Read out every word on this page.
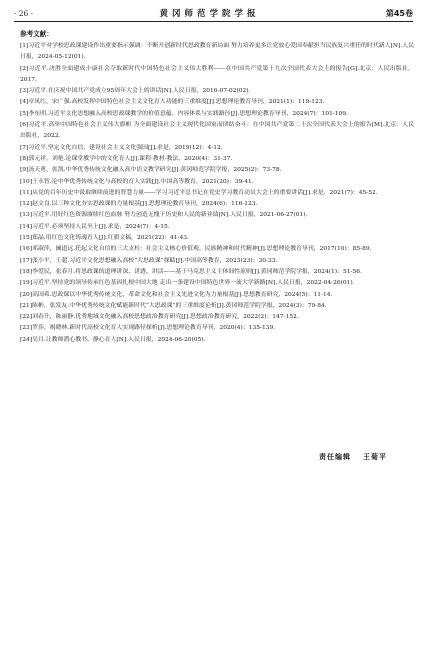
· 26 ·	黄冈师范学院学报	第45卷
参考文献：
[1]习近平对学校思政课建设作出重要指示强调：不断开创新时代思政教育新局面 努力培养更多让党放心爱国奉献担当民族复兴重任的时代新人[N].人民日报，2024-05-12(01).
[2]习近平.决胜全面建成小康社会夺取新时代中国特色社会主义伟大胜利——在中国共产党第十九次全国代表大会上的报告[G].北京：人民出版社，2017.
[3]习近平.在庆祝中国共产党成立95周年大会上的讲话[N].人民日报，2016-07-02(02).
[4]章凤红，宋广强.高校发挥中国特色社会主义文化育人功能的三重维度[J].思想理论教育导刊，2021(1)：119-123.
[5]李东明.习近平文化思想融入高校思政课教学的价值意蕴、内容体系与实践路径[J].思想理论教育导刊，2024(7)：101-109.
[6]习近平.高举中国特色社会主义伟大旗帜 为全面建设社会主义现代化国家而团结奋斗：在中国共产党第二十次全国代表大会上的报告[M].北京：人民出版社，2022.
[7]习近平.坚定文化自信，建设社会主义文化强国[J].求是，2019(12)：4-12.
[8]郭元祥，刘艳.论课堂教学中的文化育人[J].课程·教材·教法，2020(4)：31-37.
[9]汤天勇，张凯.中华优秀传统文化融入高中语文教学研究[J].黄冈师范学院学报，2025(2)：73-78.
[10]王永智.论中华优秀传统文化与高校的育人实践[J].中国高等教育，2021(20)：39-41.
[11]从党的百年历史中汲取继续前进的智慧力量——学习习近平总书记在党史学习教育动员大会上的重要讲话[J].求是，2021(7)：45-52.
[12]赵文良.以三种文化夯实思政课的力量根基[J].思想理论教育导刊，2024(6)：116-123.
[13]习近平.用好红色资源赓续红色血脉 努力创造无愧于历史和人民的新业绩[N].人民日报，2021-06-27(01).
[14]习近平.必须坚持人民至上[J].求是，2024(7)：4-15.
[15]郑晶.用红色文化铸魂育人[J].红旗文稿，2021(22)：41-43.
[16]邓淑萍，阚道远.托起文化自信的三大支柱：社会主义核心价值观、民族精神和时代精神[J].思想理论教育导刊，2017(10)：85-89.
[17]张小平，王超.习近平文化思想融入高校“大思政课”探赜[J].中国高等教育，2023(23)：30-33.
[18]李爱民，张春月.将思政课的道理讲深、讲透、讲活——基于马克思主义主体间性原则[J].黄冈师范学院学报，2024(1)：51-56.
[19]习近平.坚持党的领导传承红色基因扎根中国大地 走出一条建设中国特色世界一流大学新路[N].人民日报，2022-04-26(01).
[20]高国希.思政课以中华优秀传统文化、革命文化和社会主义先进文化为力量根基[J].思想教育研究，2024(5)：11-14.
[21]陈彬，张发友.中华优秀传统文化赋能新时代“大思政课”的三重维度论析[J].黄冈师范学院学报，2024(3)：79-84.
[22]刘春升，陈丽静.优秀地域文化融入高校思想政治教育研究[J].思想政治教育研究，2022(2)：147-152.
[23]罗莎，揭晓林.新时代高校文化育人实现路径探析[J].思想理论教育导刊，2020(4)：135-139.
[24]吴月.让教师潜心教书、静心育人[N].人民日报，2024-06-20(05).
责任编辑 王菊平
